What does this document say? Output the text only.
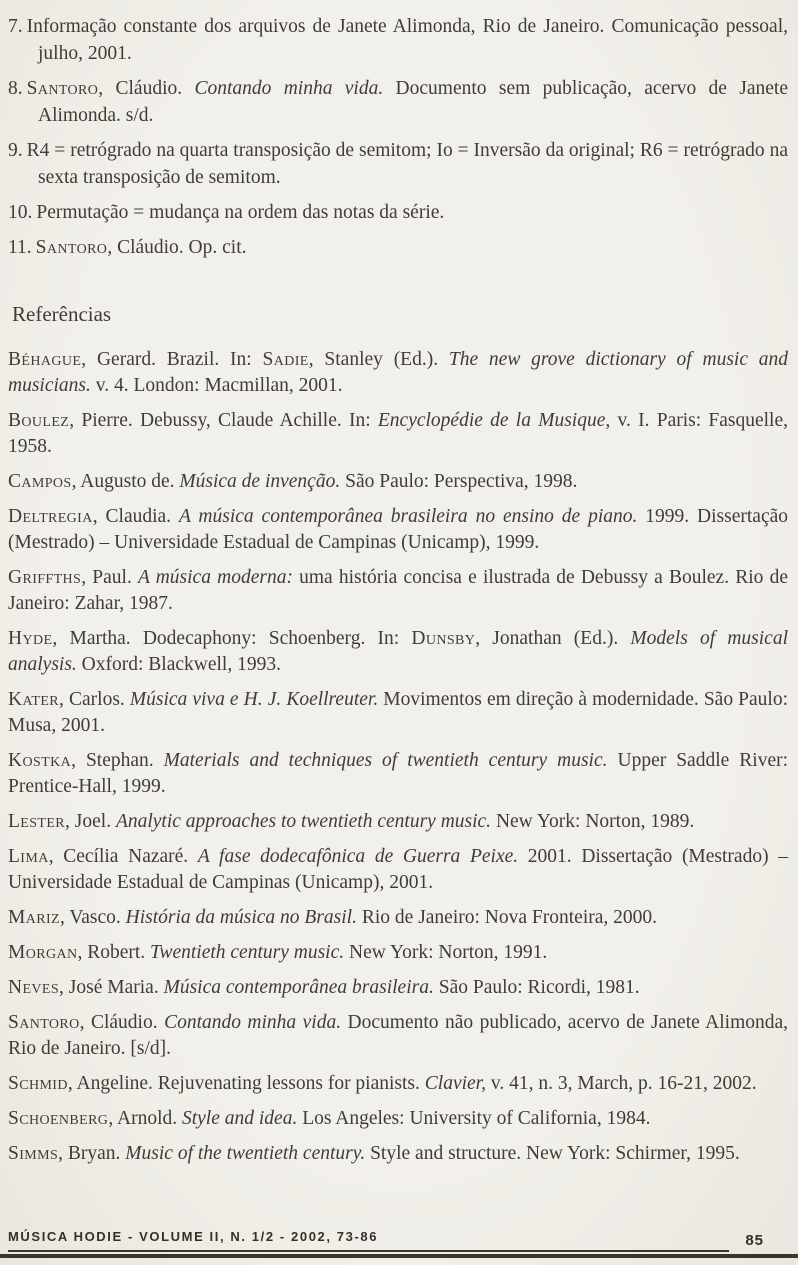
7. Informação constante dos arquivos de Janete Alimonda, Rio de Janeiro. Comunicação pessoal, julho, 2001.

8. Santoro, Cláudio. Contando minha vida. Documento sem publicação, acervo de Janete Alimonda. s/d.

9. R4 = retrógrado na quarta transposição de semitom; Io = Inversão da original; R6 = retrógrado na sexta transposição de semitom.

10. Permutação = mudança na ordem das notas da série.

11. Santoro, Cláudio. Op. cit.

Referências

Béhague, Gerard. Brazil. In: Sadie, Stanley (Ed.). The new grove dictionary of music and musicians. v. 4. London: Macmillan, 2001.

Boulez, Pierre. Debussy, Claude Achille. In: Encyclopédie de la Musique, v. I. Paris: Fasquelle, 1958.

Campos, Augusto de. Música de invenção. São Paulo: Perspectiva, 1998.

Deltregia, Claudia. A música contemporânea brasileira no ensino de piano. 1999. Dissertação (Mestrado) – Universidade Estadual de Campinas (Unicamp), 1999.

Griffths, Paul. A música moderna: uma história concisa e ilustrada de Debussy a Boulez. Rio de Janeiro: Zahar, 1987.

Hyde, Martha. Dodecaphony: Schoenberg. In: Dunsby, Jonathan (Ed.). Models of musical analysis. Oxford: Blackwell, 1993.

Kater, Carlos. Música viva e H. J. Koellreuter. Movimentos em direção à modernidade. São Paulo: Musa, 2001.

Kostka, Stephan. Materials and techniques of twentieth century music. Upper Saddle River: Prentice-Hall, 1999.

Lester, Joel. Analytic approaches to twentieth century music. New York: Norton, 1989.

Lima, Cecília Nazaré. A fase dodecafônica de Guerra Peixe. 2001. Dissertação (Mestrado) – Universidade Estadual de Campinas (Unicamp), 2001.

Mariz, Vasco. História da música no Brasil. Rio de Janeiro: Nova Fronteira, 2000.

Morgan, Robert. Twentieth century music. New York: Norton, 1991.

Neves, José Maria. Música contemporânea brasileira. São Paulo: Ricordi, 1981.

Santoro, Cláudio. Contando minha vida. Documento não publicado, acervo de Janete Alimonda, Rio de Janeiro. [s/d].

Schmid, Angeline. Rejuvenating lessons for pianists. Clavier, v. 41, n. 3, March, p. 16-21, 2002.

Schoenberg, Arnold. Style and idea. Los Angeles: University of California, 1984.

Simms, Bryan. Music of the twentieth century. Style and structure. New York: Schirmer, 1995.

MÚSICA HODIE - VOLUME II, N. 1/2 - 2002, 73-86	85
